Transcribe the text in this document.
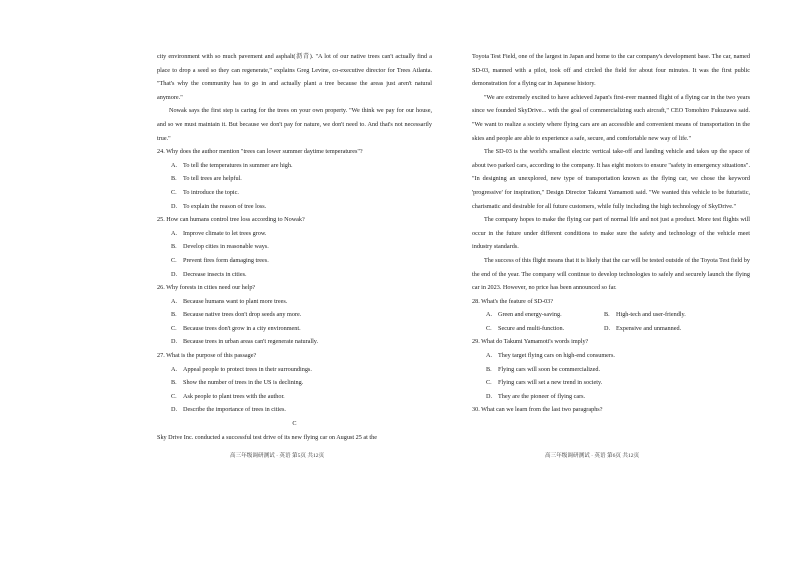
city environment with so much pavement and asphalt(沥青). "A lot of our native trees can't actually find a place to drop a seed so they can regenerate," explains Greg Levine, co-executive director for Trees Atlanta. "That's why the community has to go in and actually plant a tree because the areas just aren't natural anymore."

Nowak says the first step is caring for the trees on your own property. "We think we pay for our house, and so we must maintain it. But because we don't pay for nature, we don't need to. And that's not necessarily true."

24. Why does the author mention "trees can lower summer daytime temperatures"?

A. To tell the temperatures in summer are high.

B. To tell trees are helpful.

C. To introduce the topic.

D. To explain the reason of tree loss.

25. How can humans control tree loss according to Nowak?

A. Improve climate to let trees grow.

B. Develop cities in reasonable ways.

C. Prevent fires form damaging trees.

D. Decrease insects in cities.

26. Why forests in cities need our help?

A. Because humans want to plant more trees.

B. Because native trees don't drop seeds any more.

C. Because trees don't grow in a city environment.

D. Because trees in urban areas can't regenerate naturally.

27. What is the purpose of this passage?

A. Appeal people to protect trees in their surroundings.

B. Show the number of trees in the US is declining.

C. Ask people to plant trees with the author.

D. Describe the importance of trees in cities.

C

Sky Drive Inc. conducted a successful test drive of its new flying car on August 25 at the

高三年级调研测试 · 英语 第5页 共12页

Toyota Test Field, one of the largest in Japan and home to the car company's development base. The car, named SD-03, manned with a pilot, took off and circled the field for about four minutes. It was the first public demonstration for a flying car in Japanese history.

"We are extremely excited to have achieved Japan's first-ever manned flight of a flying car in the two years since we founded SkyDrive... with the goal of commercializing such aircraft," CEO Tomohiro Fukuzawa said. "We want to realize a society where flying cars are an accessible and convenient means of transportation in the skies and people are able to experience a safe, secure, and comfortable new way of life."

The SD-03 is the world's smallest electric vertical take-off and landing vehicle and takes up the space of about two parked cars, according to the company. It has eight motors to ensure "safety in emergency situations". "In designing an unexplored, new type of transportation known as the flying car, we chose the keyword 'progressive' for inspiration," Design Director Takumi Yamamoti said. "We wanted this vehicle to be futuristic, charismatic and desirable for all future customers, while fully including the high technology of SkyDrive."

The company hopes to make the flying car part of normal life and not just a product. More test flights will occur in the future under different conditions to make sure the safety and technology of the vehicle meet industry standards.

The success of this flight means that it is likely that the car will be tested outside of the Toyota Test field by the end of the year. The company will continue to develop technologies to safely and securely launch the flying car in 2023. However, no price has been announced so far.

28. What's the feature of SD-03?

A. Green and energy-saving.	B. High-tech and user-friendly.
C. Secure and multi-function.	D. Expensive and unmanned.

29. What do Takumi Yamamoti's words imply?

A. They target flying cars on high-end consumers.

B. Flying cars will soon be commercialized.

C. Flying cars will set a new trend in society.

D. They are the pioneer of flying cars.

30. What can we learn from the last two paragraphs?

高三年级调研测试 · 英语 第6页 共12页
